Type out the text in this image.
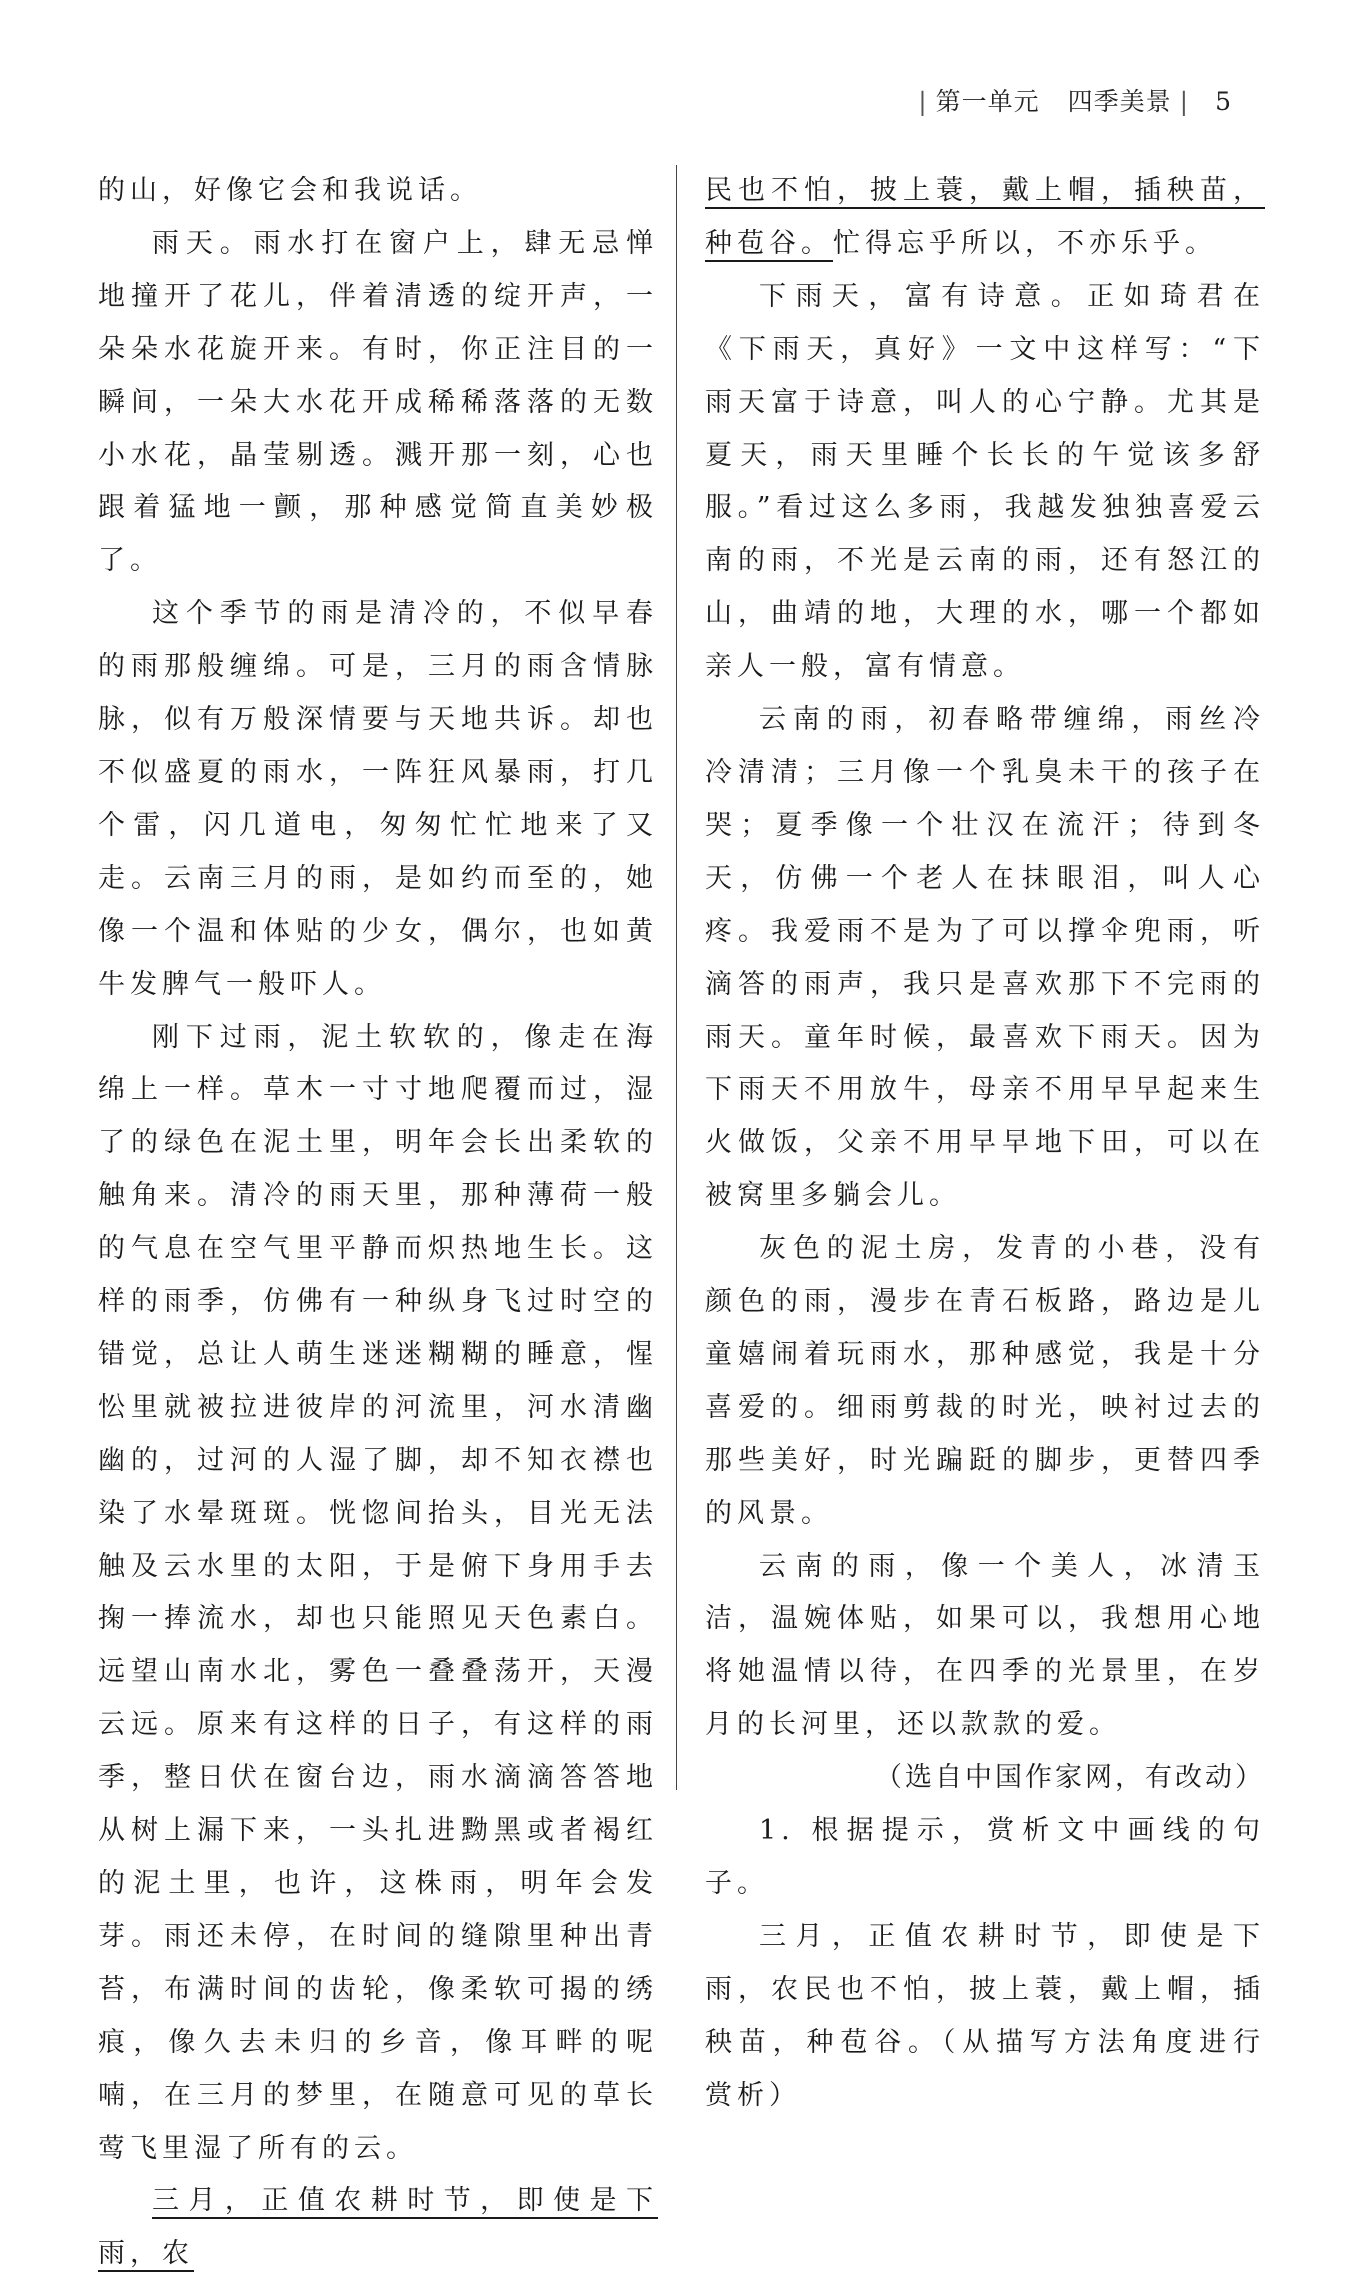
| 第一单元 四季美景 | 5

的山，好像它会和我说话。

雨天。雨水打在窗户上，肆无忌惮地撞开了花儿，伴着清透的绽开声，一朵朵水花旋开来。有时，你正注目的一瞬间，一朵大水花开成稀稀落落的无数小水花，晶莹剔透。溅开那一刻，心也跟着猛地一颤，那种感觉简直美妙极了。

这个季节的雨是清冷的，不似早春的雨那般缠绵。可是，三月的雨含情脉脉，似有万般深情要与天地共诉。却也不似盛夏的雨水，一阵狂风暴雨，打几个雷，闪几道电，匆匆忙忙地来了又走。云南三月的雨，是如约而至的，她像一个温和体贴的少女，偶尔，也如黄牛发脾气一般吓人。

刚下过雨，泥土软软的，像走在海绵上一样。草木一寸寸地爬覆而过，湿了的绿色在泥土里，明年会长出柔软的触角来。清冷的雨天里，那种薄荷一般的气息在空气里平静而炽热地生长。这样的雨季，仿佛有一种纵身飞过时空的错觉，总让人萌生迷迷糊糊的睡意，惺忪里就被拉进彼岸的河流里，河水清幽幽的，过河的人湿了脚，却不知衣襟也染了水晕斑斑。恍惚间抬头，目光无法触及云水里的太阳，于是俯下身用手去掬一捧流水，却也只能照见天色素白。远望山南水北，雾色一叠叠荡开，天漫云远。原来有这样的日子，有这样的雨季，整日伏在窗台边，雨水滴滴答答地从树上漏下来，一头扎进黝黑或者褐红的泥土里，也许，这株雨，明年会发芽。雨还未停，在时间的缝隙里种出青苔，布满时间的齿轮，像柔软可揭的绣痕，像久去未归的乡音，像耳畔的呢喃，在三月的梦里，在随意可见的草长莺飞里湿了所有的云。

三月，正值农耕时节，即使是下雨，农

民也不怕，披上蓑，戴上帽，插秧苗，种苞谷。忙得忘乎所以，不亦乐乎。

下雨天，富有诗意。正如琦君在《下雨天，真好》一文中这样写：“下雨天富于诗意，叫人的心宁静。尤其是夏天，雨天里睡个长长的午觉该多舒服。”看过这么多雨，我越发独独喜爱云南的雨，不光是云南的雨，还有怒江的山，曲靖的地，大理的水，哪一个都如亲人一般，富有情意。

云南的雨，初春略带缠绵，雨丝冷冷清清；三月像一个乳臭未干的孩子在哭；夏季像一个壮汉在流汗；待到冬天，仿佛一个老人在抹眼泪，叫人心疼。我爱雨不是为了可以撑伞兜雨，听滴答的雨声，我只是喜欢那下不完雨的雨天。童年时候，最喜欢下雨天。因为下雨天不用放牛，母亲不用早早起来生火做饭，父亲不用早早地下田，可以在被窝里多躺会儿。

灰色的泥土房，发青的小巷，没有颜色的雨，漫步在青石板路，路边是儿童嬉闹着玩雨水，那种感觉，我是十分喜爱的。细雨剪裁的时光，映衬过去的那些美好，时光蹁跹的脚步，更替四季的风景。

云南的雨，像一个美人，冰清玉洁，温婉体贴，如果可以，我想用心地将她温情以待，在四季的光景里，在岁月的长河里，还以款款的爱。

（选自中国作家网，有改动）

1. 根据提示，赏析文中画线的句子。

三月，正值农耕时节，即使是下雨，农民也不怕，披上蓑，戴上帽，插秧苗，种苞谷。（从描写方法角度进行赏析）
